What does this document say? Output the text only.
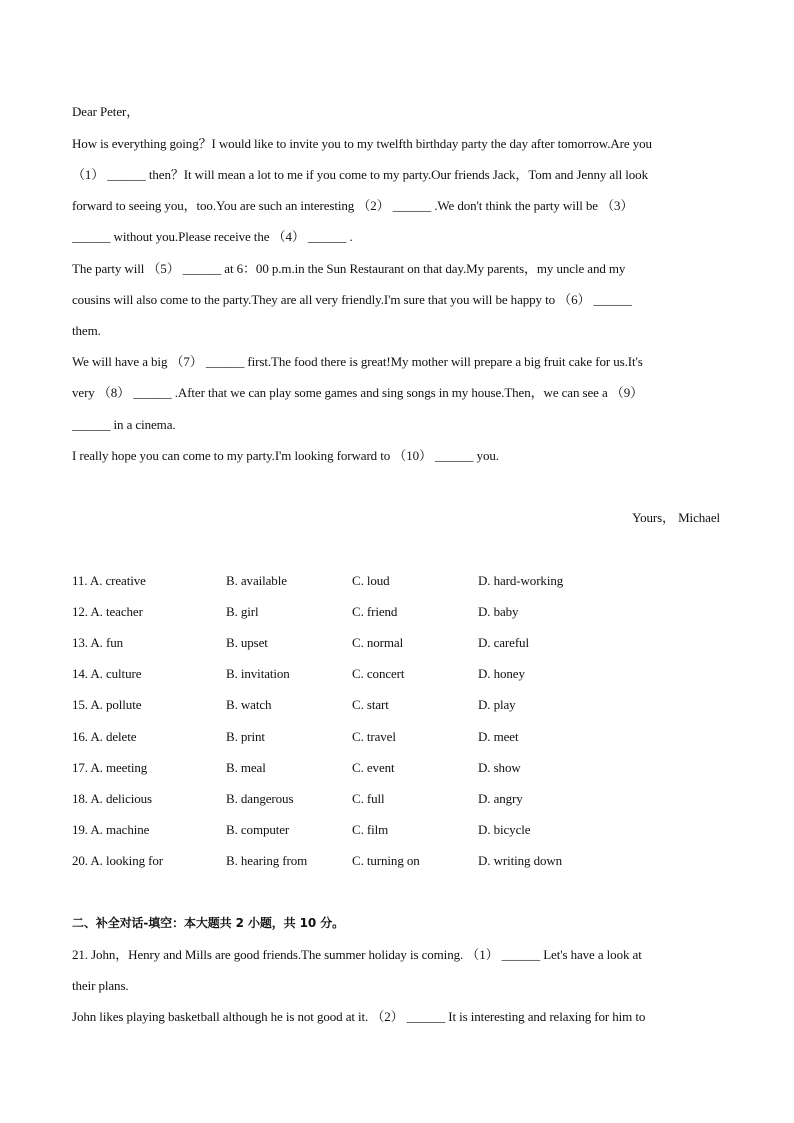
Dear Peter，
How is everything going？I would like to invite you to my twelfth birthday party the day after tomorrow.Are you
（1） ______ then？It will mean a lot to me if you come to my party.Our friends Jack，Tom and Jenny all look
forward to seeing you，too.You are such an interesting （2） ______ .We don't think the party will be （3）
______ without you.Please receive the （4） ______ .
The party will （5） ______ at 6：00 p.m.in the Sun Restaurant on that day.My parents，my uncle and my
cousins will also come to the party.They are all very friendly.I'm sure that you will be happy to （6） ______
them.
We will have a big （7） ______ first.The food there is great!My mother will prepare a big fruit cake for us.It's
very （8） ______ .After that we can play some games and sing songs in my house.Then，we can see a （9）
______ in a cinema.
I really hope you can come to my party.I'm looking forward to （10） ______ you.
Yours， Michael
11. A. creative	B. available	C. loud	D. hard-working
12. A. teacher	B. girl	C. friend	D. baby
13. A. fun	B. upset	C. normal	D. careful
14. A. culture	B. invitation	C. concert	D. honey
15. A. pollute	B. watch	C. start	D. play
16. A. delete	B. print	C. travel	D. meet
17. A. meeting	B. meal	C. event	D. show
18. A. delicious	B. dangerous	C. full	D. angry
19. A. machine	B. computer	C. film	D. bicycle
20. A. looking for	B. hearing from	C. turning on	D. writing down
二、补全对话-填空：本大题共 2 小题，共 10 分。
21. John，Henry and Mills are good friends.The summer holiday is coming. （1） ______ Let's have a look at
their plans.
John likes playing basketball although he is not good at it. （2） ______ It is interesting and relaxing for him to
